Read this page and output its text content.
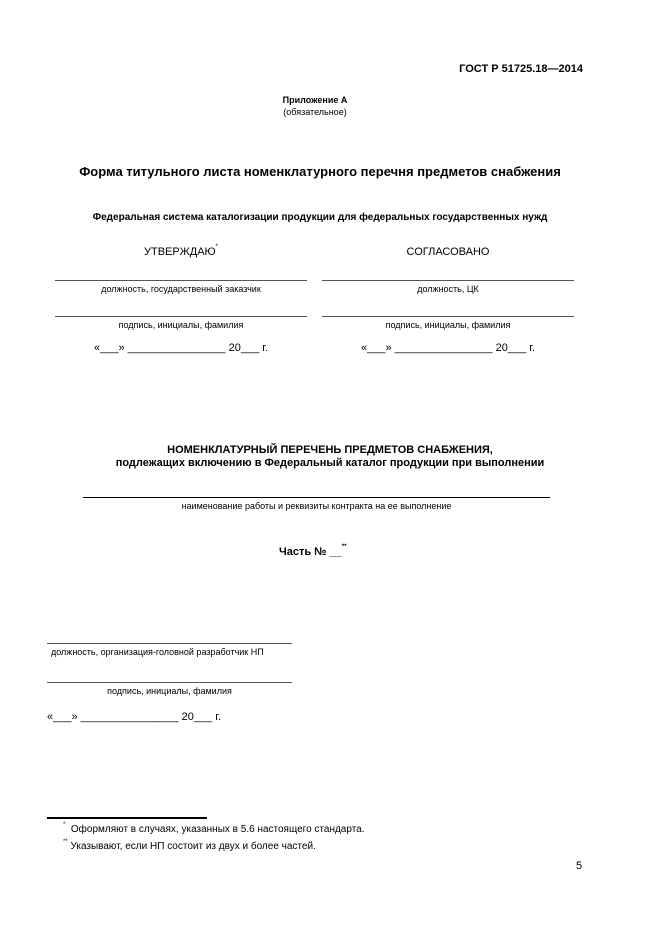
ГОСТ Р 51725.18—2014
Приложение А
(обязательное)
Форма титульного листа номенклатурного перечня предметов снабжения
Федеральная система каталогизации продукции для федеральных государственных нужд
УТВЕРЖДАЮ*
должность, государственный заказчик
подпись, инициалы, фамилия
«___» ________________ 20___ г.
СОГЛАСОВАНО
должность, ЦК
подпись, инициалы, фамилия
«___» ________________ 20___ г.
НОМЕНКЛАТУРНЫЙ ПЕРЕЧЕНЬ ПРЕДМЕТОВ СНАБЖЕНИЯ,
подлежащих включению в Федеральный каталог продукции при выполнении
наименование работы и реквизиты контракта на ее выполнение
Часть № __**
должность, организация-головной разработчик НП
подпись, инициалы, фамилия
«___» ________________ 20___ г.
* Оформляют в случаях, указанных в 5.6 настоящего стандарта.
** Указывают, если НП состоит из двух и более частей.
5
